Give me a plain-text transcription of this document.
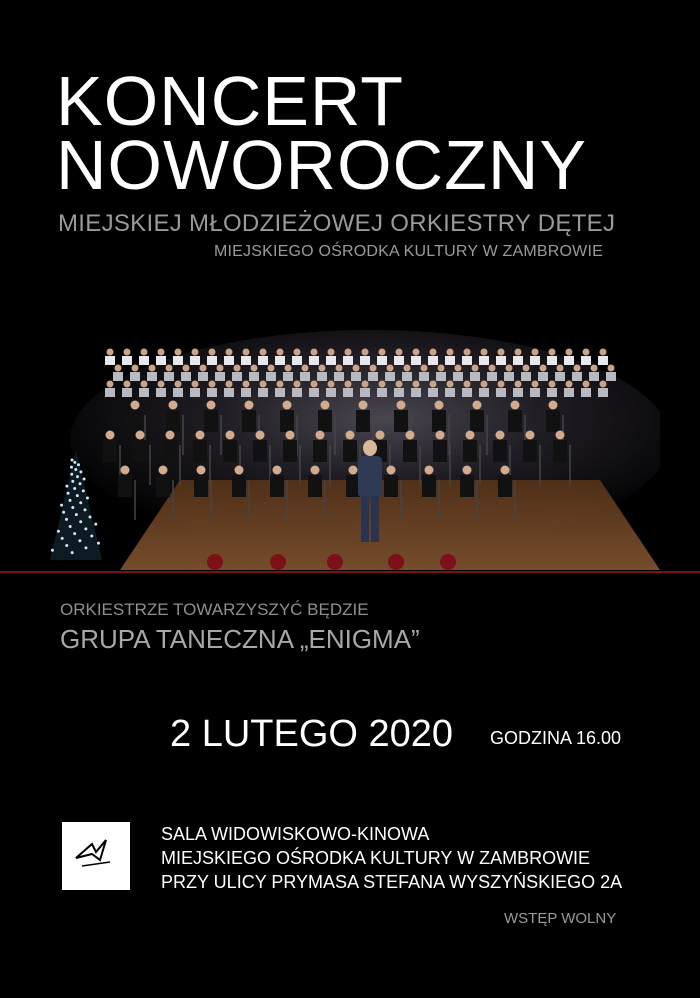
KONCERT
NOWOROCZNY
MIEJSKIEJ MŁODZIEŻOWEJ ORKIESTRY DĘTEJ
MIEJSKIEGO OŚRODKA KULTURY W ZAMBROWIE
ORKIESTRZE TOWARZYSZYĆ BĘDZIE
GRUPA TANECZNA „ENIGMA”
2 LUTEGO 2020 GODZINA 16.00
SALA WIDOWISKOWO-KINOWA
MIEJSKIEGO OŚRODKA KULTURY W ZAMBROWIE
PRZY ULICY PRYMASA STEFANA WYSZYŃSKIEGO 2A
WSTĘP WOLNY
